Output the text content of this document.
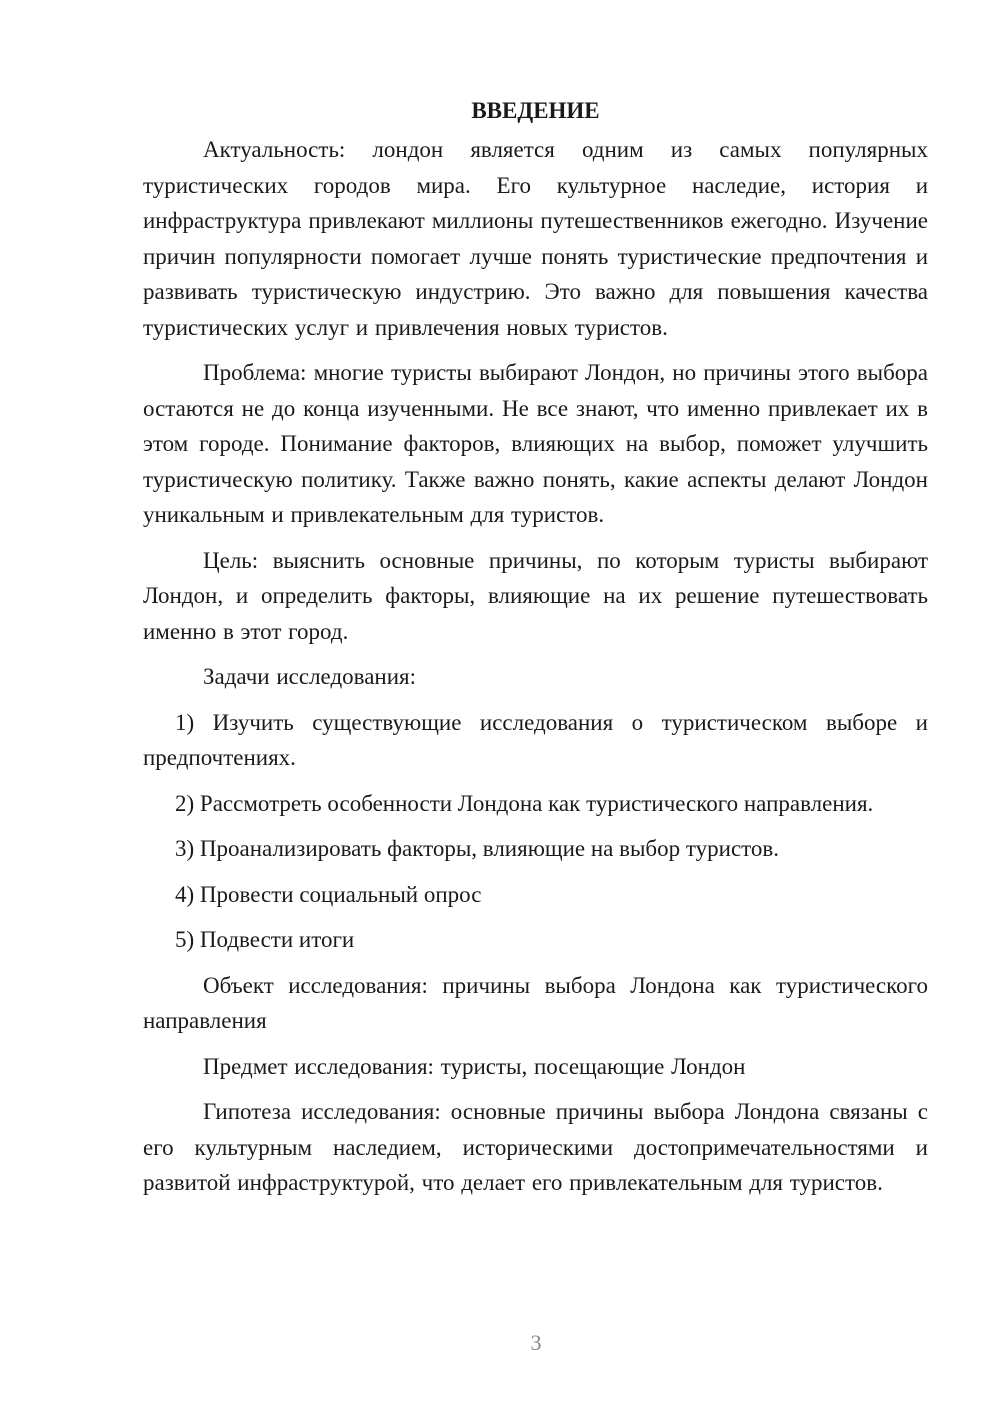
ВВЕДЕНИЕ

Актуальность: лондон является одним из самых популярных туристических городов мира. Его культурное наследие, история и инфраструктура привлекают миллионы путешественников ежегодно. Изучение причин популярности помогает лучше понять туристические предпочтения и развивать туристическую индустрию. Это важно для повышения качества туристических услуг и привлечения новых туристов.

Проблема: многие туристы выбирают Лондон, но причины этого выбора остаются не до конца изученными. Не все знают, что именно привлекает их в этом городе. Понимание факторов, влияющих на выбор, поможет улучшить туристическую политику. Также важно понять, какие аспекты делают Лондон уникальным и привлекательным для туристов.

Цель: выяснить основные причины, по которым туристы выбирают Лондон, и определить факторы, влияющие на их решение путешествовать именно в этот город.

Задачи исследования:

1) Изучить существующие исследования о туристическом выборе и предпочтениях.

2) Рассмотреть особенности Лондона как туристического направления.

3) Проанализировать факторы, влияющие на выбор туристов.

4) Провести социальный опрос

5) Подвести итоги

Объект исследования: причины выбора Лондона как туристического направления

Предмет исследования: туристы, посещающие Лондон

Гипотеза исследования: основные причины выбора Лондона связаны с его культурным наследием, историческими достопримечательностями и развитой инфраструктурой, что делает его привлекательным для туристов.

3
